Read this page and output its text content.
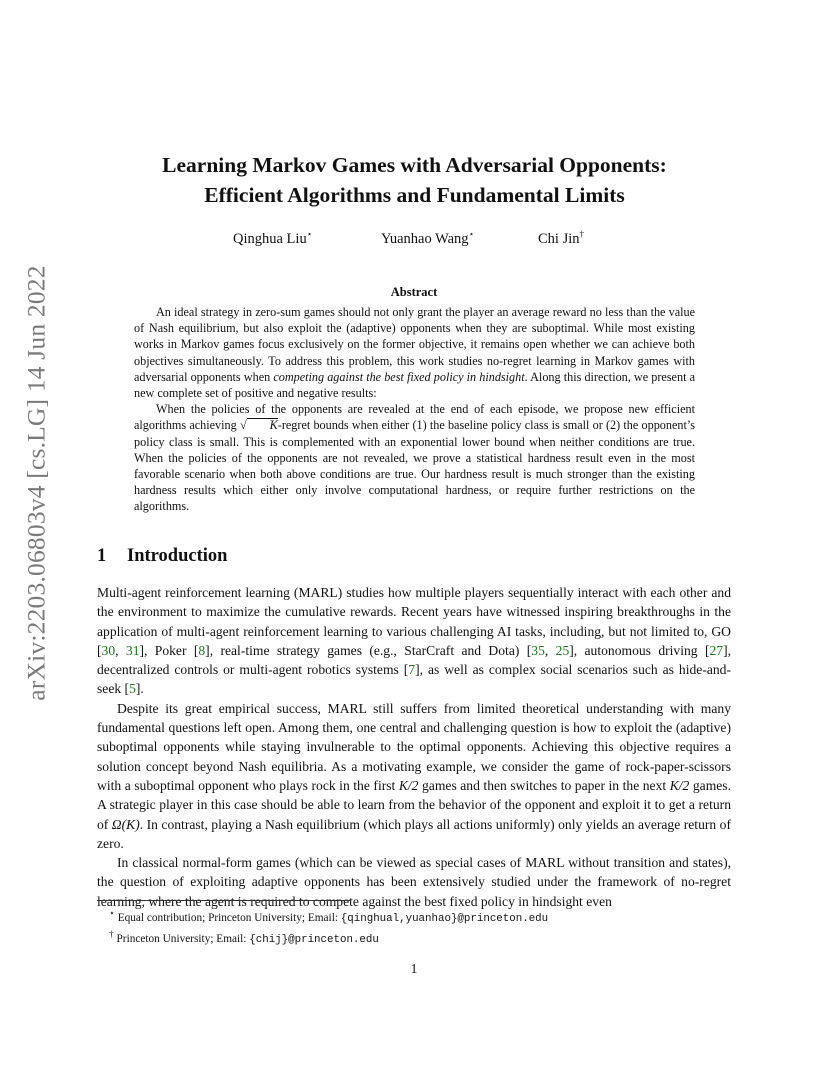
arXiv:2203.06803v4 [cs.LG] 14 Jun 2022
Learning Markov Games with Adversarial Opponents:
Efficient Algorithms and Fundamental Limits
Qinghua Liu⋆	Yuanhao Wang⋆	Chi Jin†
Abstract

An ideal strategy in zero-sum games should not only grant the player an average reward no less than the value of Nash equilibrium, but also exploit the (adaptive) opponents when they are suboptimal. While most existing works in Markov games focus exclusively on the former objective, it remains open whether we can achieve both objectives simultaneously. To address this problem, this work studies no-regret learning in Markov games with adversarial opponents when competing against the best fixed policy in hindsight. Along this direction, we present a new complete set of positive and negative results:

When the policies of the opponents are revealed at the end of each episode, we propose new efficient algorithms achieving √ K-regret bounds when either (1) the baseline policy class is small or (2) the opponent’s policy class is small. This is complemented with an exponential lower bound when neither conditions are true. When the policies of the opponents are not revealed, we prove a statistical hardness result even in the most favorable scenario when both above conditions are true. Our hardness result is much stronger than the existing hardness results which either only involve computational hardness, or require further restrictions on the algorithms.

1 Introduction

Multi-agent reinforcement learning (MARL) studies how multiple players sequentially interact with each other and the environment to maximize the cumulative rewards. Recent years have witnessed inspiring breakthroughs in the application of multi-agent reinforcement learning to various challenging AI tasks, including, but not limited to, GO [30, 31], Poker [8], real-time strategy games (e.g., StarCraft and Dota) [35, 25], autonomous driving [27], decentralized controls or multi-agent robotics systems [7], as well as complex social scenarios such as hide-and-seek [5].

Despite its great empirical success, MARL still suffers from limited theoretical understanding with many fundamental questions left open. Among them, one central and challenging question is how to exploit the (adaptive) suboptimal opponents while staying invulnerable to the optimal opponents. Achieving this objective requires a solution concept beyond Nash equilibria. As a motivating example, we consider the game of rock-paper-scissors with a suboptimal opponent who plays rock in the first K/2 games and then switches to paper in the next K/2 games. A strategic player in this case should be able to learn from the behavior of the opponent and exploit it to get a return of Ω(K). In contrast, playing a Nash equilibrium (which plays all actions uniformly) only yields an average return of zero.

In classical normal-form games (which can be viewed as special cases of MARL without transition and states), the question of exploiting adaptive opponents has been extensively studied under the framework of no-regret learning, where the agent is required to compete against the best fixed policy in hindsight even

⋆ Equal contribution; Princeton University; Email: {qinghual,yuanhao}@princeton.edu

† Princeton University; Email: {chij}@princeton.edu

1
